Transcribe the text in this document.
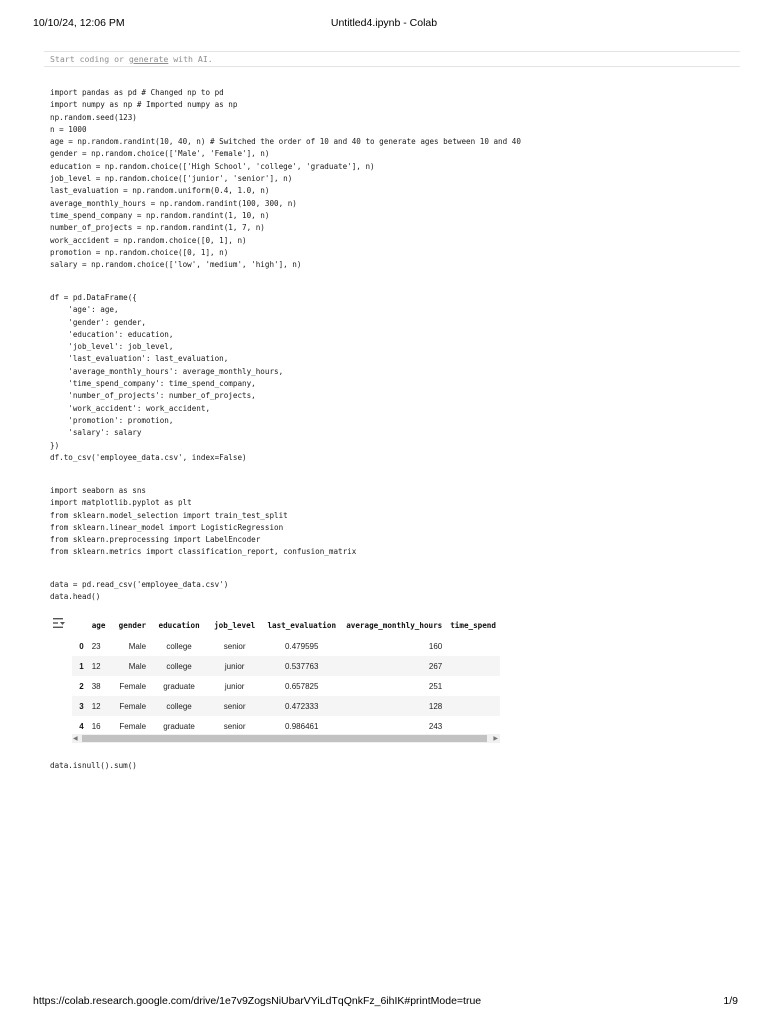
10/10/24, 12:06 PM	Untitled4.ipynb - Colab
Start coding or generate with AI.
import pandas as pd # Changed np to pd
import numpy as np # Imported numpy as np
np.random.seed(123)
n = 1000
age = np.random.randint(10, 40, n) # Switched the order of 10 and 40 to generate ages between 10 and 40
gender = np.random.choice(['Male', 'Female'], n)
education = np.random.choice(['High School', 'college', 'graduate'], n)
job_level = np.random.choice(['junior', 'senior'], n)
last_evaluation = np.random.uniform(0.4, 1.0, n)
average_monthly_hours = np.random.randint(100, 300, n)
time_spend_company = np.random.randint(1, 10, n)
number_of_projects = np.random.randint(1, 7, n)
work_accident = np.random.choice([0, 1], n)
promotion = np.random.choice([0, 1], n)
salary = np.random.choice(['low', 'medium', 'high'], n)
df = pd.DataFrame({
'age': age,
'gender': gender,
'education': education,
'job_level': job_level,
'last_evaluation': last_evaluation,
'average_monthly_hours': average_monthly_hours,
'time_spend_company': time_spend_company,
'number_of_projects': number_of_projects,
'work_accident': work_accident,
'promotion': promotion,
'salary': salary
})
df.to_csv('employee_data.csv', index=False)
import seaborn as sns
import matplotlib.pyplot as plt
from sklearn.model_selection import train_test_split
from sklearn.linear_model import LogisticRegression
from sklearn.preprocessing import LabelEncoder
from sklearn.metrics import classification_report, confusion_matrix
data = pd.read_csv('employee_data.csv')
data.head()
	age	gender	education	job_level	last_evaluation	average_monthly_hours	time_spend
0	23	Male	college	senior	0.479595	160	
1	12	Male	college	junior	0.537763	267	
2	38	Female	graduate	junior	0.657825	251	
3	12	Female	college	senior	0.472333	128	
4	16	Female	graduate	senior	0.986461	243	
◀	▶
data.isnull().sum()
https://colab.research.google.com/drive/1e7v9ZogsNiUbarVYiLdTqQnkFz_6ihIK#printMode=true	1/9
